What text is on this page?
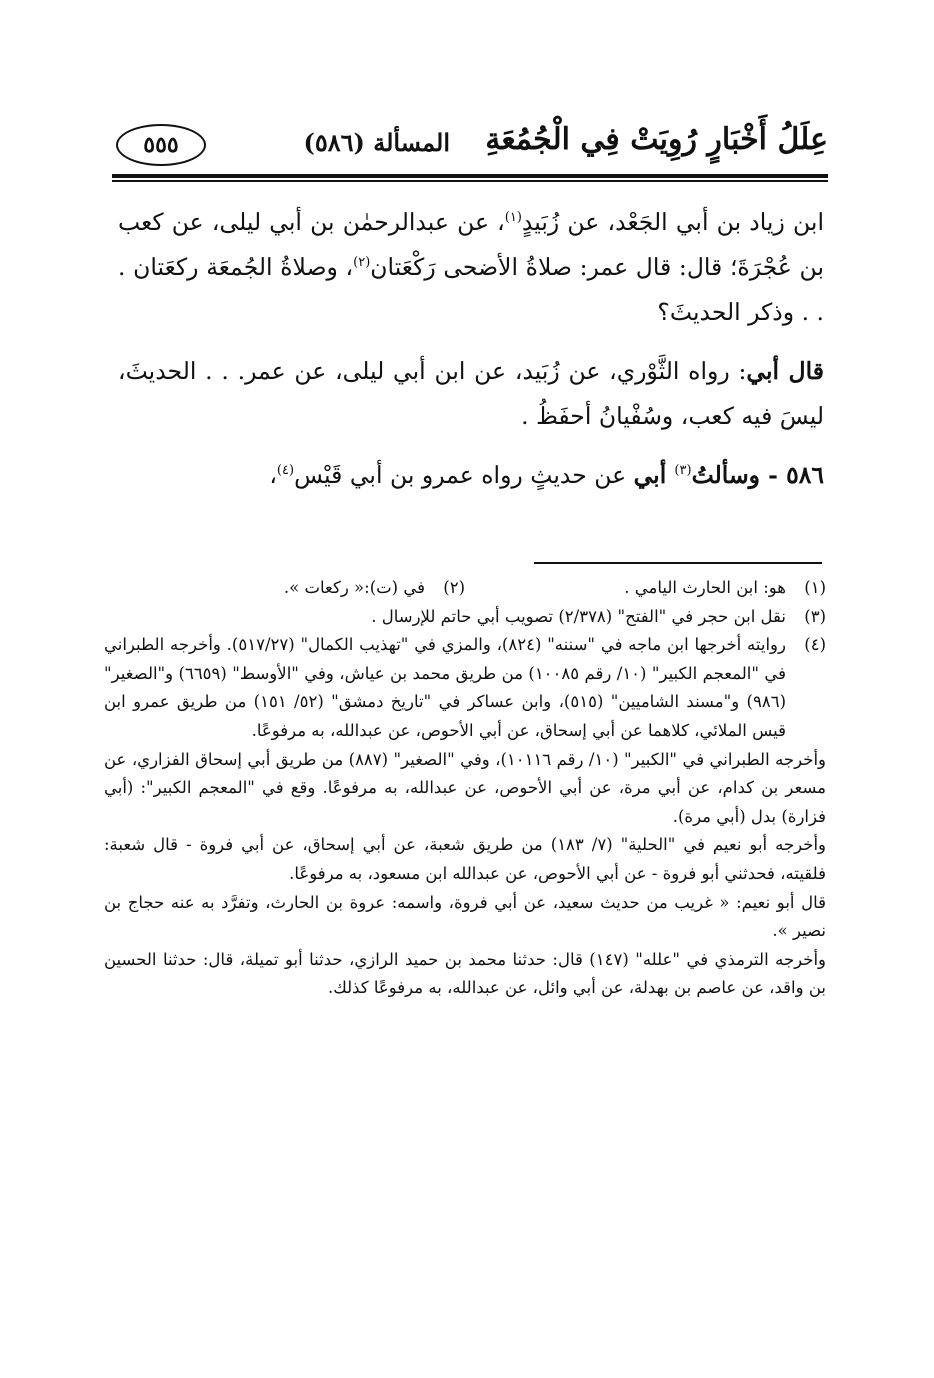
عِلَلُ أَخْبَارٍ رُوِيَتْ فِي الْجُمُعَةِ
المسألة (٥٨٦)
٥٥٥

ابن زياد بن أبي الجَعْد، عن زُبَيدٍ$^{(١)}$، عن عبدالرحمٰن بن أبي ليلى، عن كعب بن عُجْرَةَ؛ قال: قال عمر: صلاةُ الأضحى رَكْعَتان$^{(٢)}$، وصلاةُ الجُمعَة ركعَتان . . . وذكر الحديثَ؟

قال أبي: رواه الثَّوْري، عن زُبَيد، عن ابن أبي ليلى، عن عمر. . . الحديثَ، ليسَ فيه كعب، وسُفْيانُ أحفَظُ .

٥٨٦ - وسألتُ$^{(٣)}$ أبي عن حديثٍ رواه عمرو بن أبي قَيْس$^{(٤)}$،

(١)
هو: ابن الحارث اليامي .
(٢)
في (ت):« ركعات ».
(٣)
نقل ابن حجر في "الفتح" (٢/٣٧٨) تصويب أبي حاتم للإرسال .
(٤)

روايته أخرجها ابن ماجه في "سننه" (٨٢٤)، والمزي في "تهذيب الكمال" (٥١٧/٢٧). وأخرجه الطبراني في "المعجم الكبير" (١٠/ رقم ١٠٠٨٥) من طريق محمد بن عياش، وفي "الأوسط" (٦٦٥٩) و"الصغير" (٩٨٦) و"مسند الشاميين" (٥١٥)، وابن عساكر في "تاريخ دمشق" (٥٢/ ١٥١) من طريق عمرو ابن قيس الملائي، كلاهما عن أبي إسحاق، عن أبي الأحوص، عن عبدالله، به مرفوعًا.

وأخرجه الطبراني في "الكبير" (١٠/ رقم ١٠١١٦)، وفي "الصغير" (٨٨٧) من طريق أبي إسحاق الفزاري، عن مسعر بن كدام، عن أبي مرة، عن أبي الأحوص، عن عبدالله، به مرفوعًا. وقع في "المعجم الكبير": (أبي فزارة) بدل (أبي مرة).

وأخرجه أبو نعيم في "الحلية" (٧/ ١٨٣) من طريق شعبة، عن أبي إسحاق، عن أبي فروة - قال شعبة: فلقيته، فحدثني أبو فروة - عن أبي الأحوص، عن عبدالله ابن مسعود، به مرفوعًا.

قال أبو نعيم: « غريب من حديث سعيد، عن أبي فروة، واسمه: عروة بن الحارث، وتفرَّد به عنه حجاج بن نصير ».

وأخرجه الترمذي في "علله" (١٤٧) قال: حدثنا محمد بن حميد الرازي، حدثنا أبو تميلة، قال: حدثنا الحسين بن واقد، عن عاصم بن بهدلة، عن أبي وائل، عن عبدالله، به مرفوعًا كذلك.
